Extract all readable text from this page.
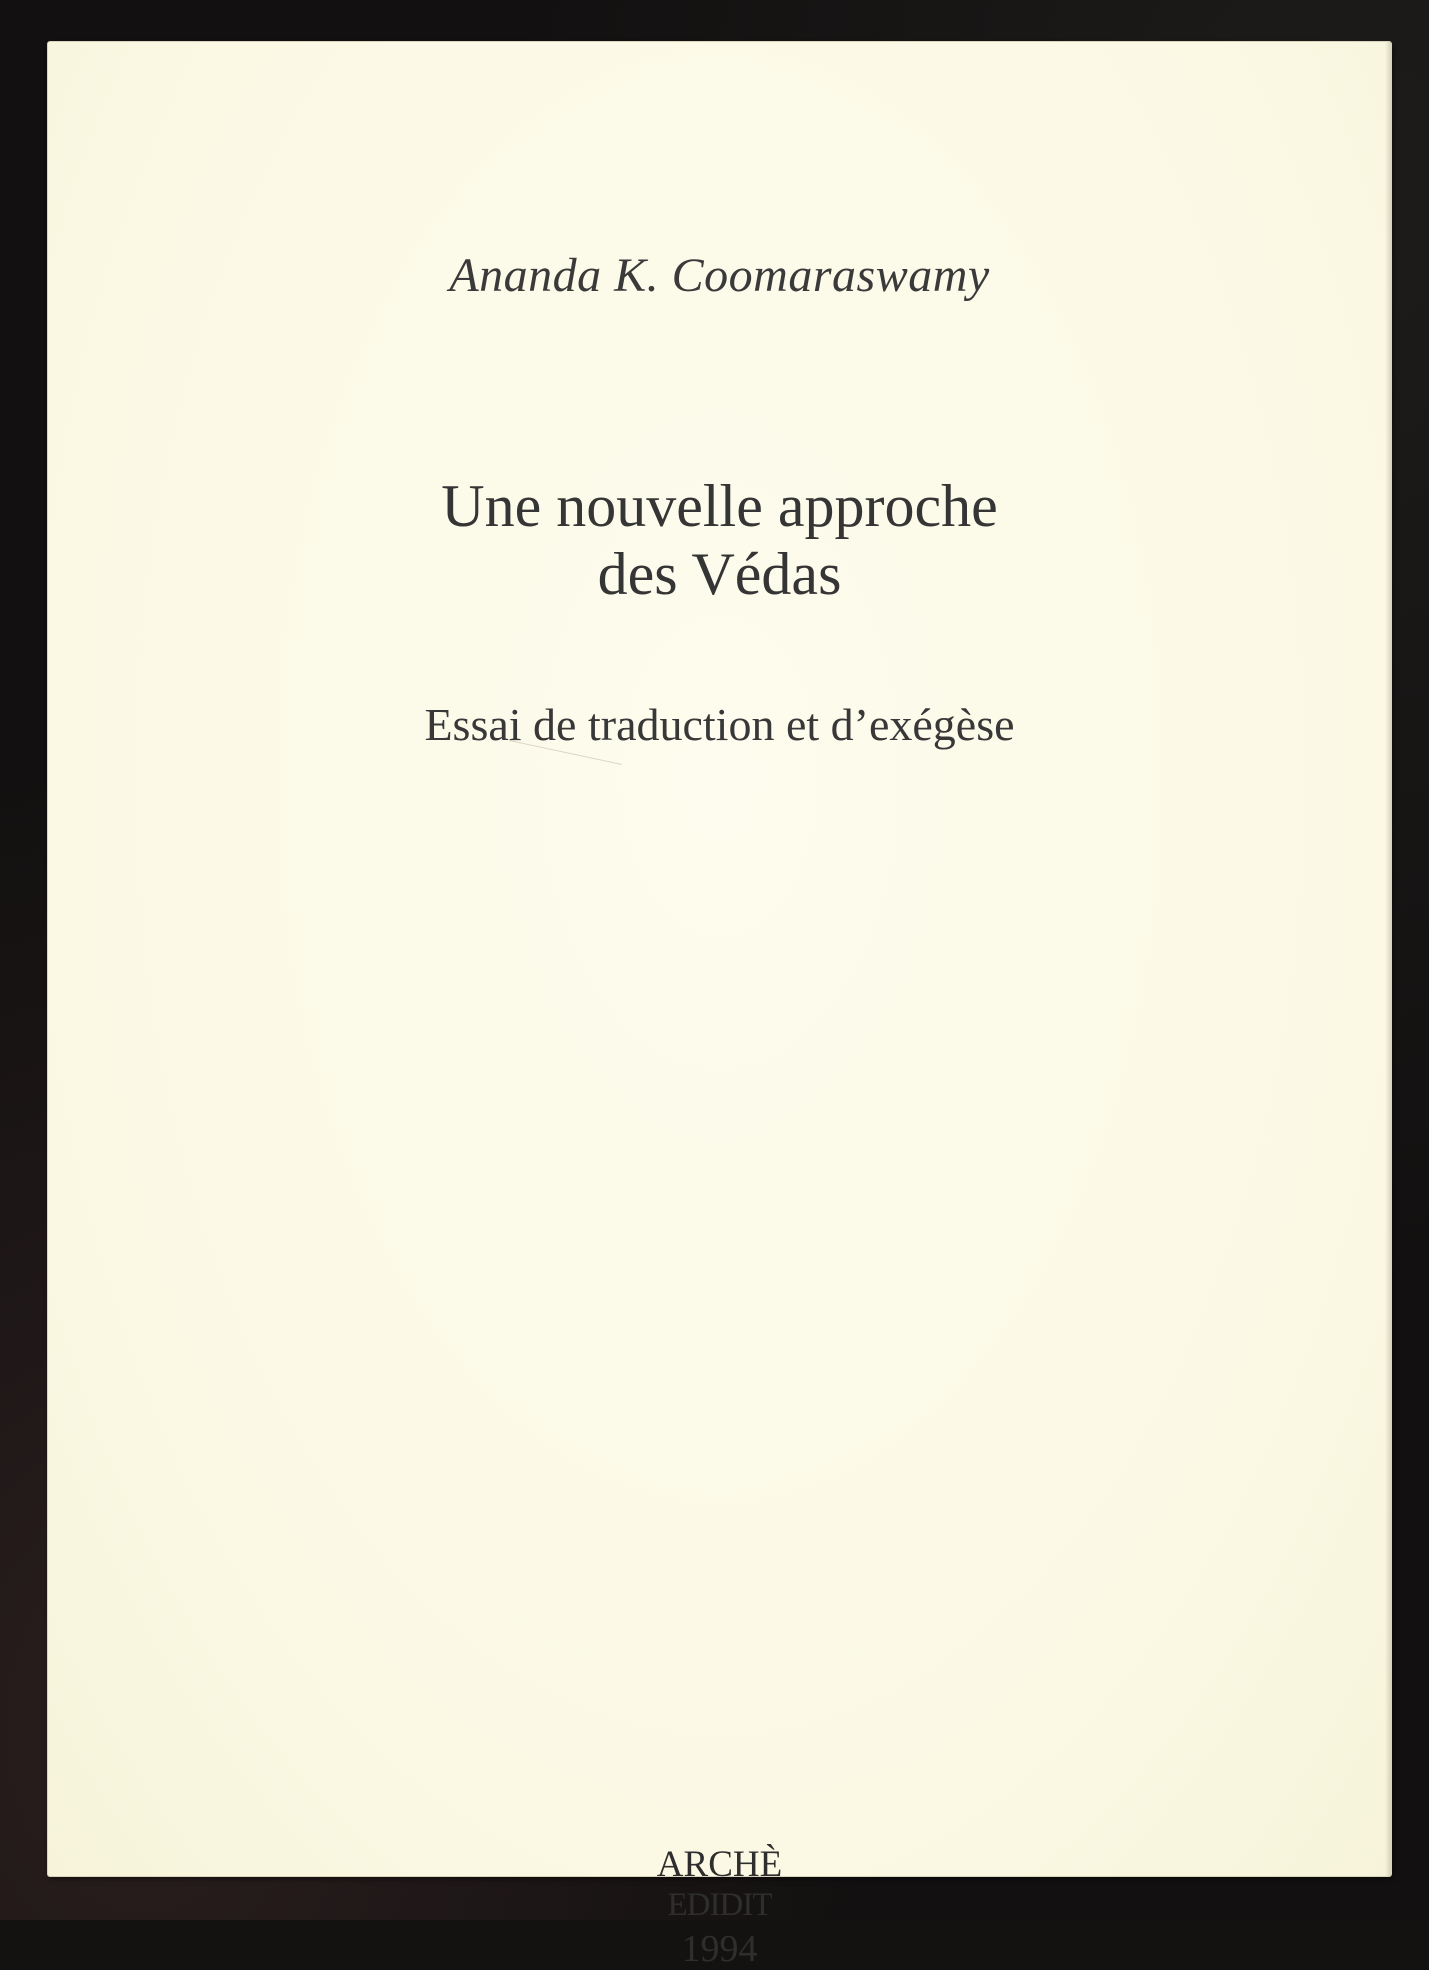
Ananda K. Coomaraswamy
Une nouvelle approche
des Védas
Essai de traduction et d’exégèse
ARCHÈ
EDIDIT
1994
